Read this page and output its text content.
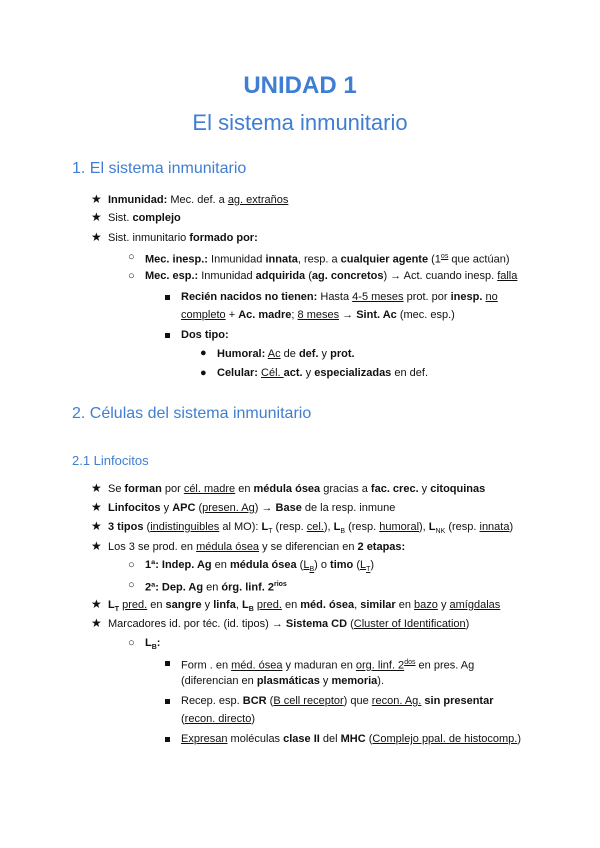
UNIDAD 1
El sistema inmunitario
1. El sistema inmunitario
★ Inmunidad: Mec. def. a ag. extraños
★ Sist. complejo
★ Sist. inmunitario formado por:
○ Mec. inesp.: Inmunidad innata, resp. a cualquier agente ($1^{os}$ que actúan)
○ Mec. esp.: Inmunidad adquirida (ag. concretos) → Act. cuando inesp. falla
Recién nacidos no tienen: Hasta 4-5 meses prot. por inesp. no
completo + Ac. madre; 8 meses → Sint. Ac (mec. esp.)
Dos tipo:
● Humoral: Ac de def. y prot.
● Celular: Cél. act. y especializadas en def.
2. Células del sistema inmunitario
2.1 Linfocitos
★ Se forman por cél. madre en médula ósea gracias a fac. crec. y citoquinas
★ Linfocitos y APC (presen. Ag) → Base de la resp. inmune
★ 3 tipos (indistinguibles al MO): $L_T$ (resp. cel.), $L_B$ (resp. humoral), $L_{NK}$ (resp. innata)
★ Los 3 se prod. en médula ósea y se diferencian en 2 etapas:
○ 1ª: Indep. Ag en médula ósea $(L_B)$ o timo $(L_T)$
○ 2ª: Dep. Ag en órg. linf. $2^{rios}$
★ $L_T$ pred. en sangre y linfa, $L_B$ pred. en méd. ósea, similar en bazo y amígdalas
★ Marcadores id. por téc. (id. tipos) → Sistema CD (Cluster of Identification)
○ $L_B$:
Form . en méd. ósea y maduran en org. linf. $2^{dos}$ en pres. Ag
(diferencian en plasmáticas y memoria).
Recep. esp. BCR (B cell receptor) que recon. Ag. sin presentar
(recon. directo)
Expresan moléculas clase II del MHC (Complejo ppal. de histocomp.)
